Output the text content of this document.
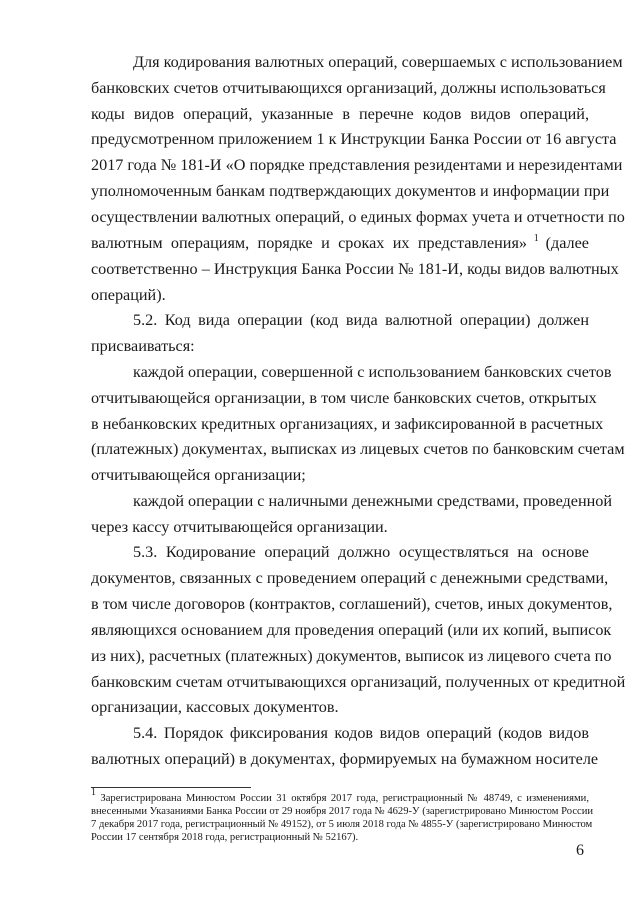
Для кодирования валютных операций, совершаемых с использованием
банковских счетов отчитывающихся организаций, должны использоваться
коды видов операций, указанные в перечне кодов видов операций,
предусмотренном приложением 1 к Инструкции Банка России от 16 августа
2017 года № 181-И «О порядке представления резидентами и нерезидентами
уполномоченным банкам подтверждающих документов и информации при
осуществлении валютных операций, о единых формах учета и отчетности по
валютным операциям, порядке и сроках их представления» $^1$ (далее
соответственно – Инструкция Банка России № 181-И, коды видов валютных
операций).
5.2. Код вида операции (код вида валютной операции) должен
присваиваться:
каждой операции, совершенной с использованием банковских счетов
отчитывающейся организации, в том числе банковских счетов, открытых
в небанковских кредитных организациях, и зафиксированной в расчетных
(платежных) документах, выписках из лицевых счетов по банковским счетам
отчитывающейся организации;
каждой операции с наличными денежными средствами, проведенной
через кассу отчитывающейся организации.
5.3. Кодирование операций должно осуществляться на основе
документов, связанных с проведением операций с денежными средствами,
в том числе договоров (контрактов, соглашений), счетов, иных документов,
являющихся основанием для проведения операций (или их копий, выписок
из них), расчетных (платежных) документов, выписок из лицевого счета по
банковским счетам отчитывающихся организаций, полученных от кредитной
организации, кассовых документов.
5.4. Порядок фиксирования кодов видов операций (кодов видов
валютных операций) в документах, формируемых на бумажном носителе
$^1$ Зарегистрирована Минюстом России 31 октября 2017 года, регистрационный № 48749, с изменениями,
внесенными Указаниями Банка России от 29 ноября 2017 года № 4629-У (зарегистрировано Минюстом России
7 декабря 2017 года, регистрационный № 49152), от 5 июля 2018 года № 4855-У (зарегистрировано Минюстом
России 17 сентября 2018 года, регистрационный № 52167).
6
